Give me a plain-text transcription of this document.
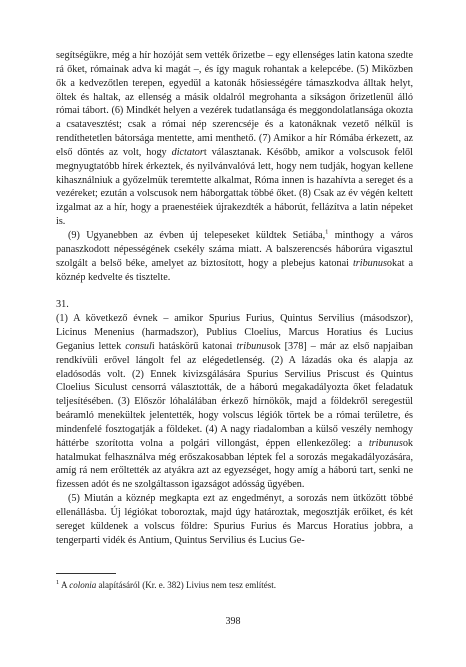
segítségükre, még a hír hozóját sem vették őrizetbe – egy ellenséges latin katona szedte rá őket, rómainak adva ki magát –, és így maguk rohantak a kelepcébe. (5) Miközben ők a kedvezőtlen terepen, egyedül a katonák hősiességére támaszkodva álltak helyt, öltek és haltak, az ellenség a másik oldalról megrohanta a síkságon őrizetlenül álló római tábort. (6) Mindkét helyen a vezérek tudatlansága és meggondolatlansága okozta a csatavesztést; csak a római nép szerencséje és a katonáknak vezető nélkül is rendíthetetlen bátorsága mentette, ami menthető. (7) Amikor a hír Rómába érkezett, az első döntés az volt, hogy dictatort választanak. Később, amikor a volscusok felől megnyugtatóbb hírek érkeztek, és nyilvánvalóvá lett, hogy nem tudják, hogyan kellene kihasználniuk a győzelmük teremtette alkalmat, Róma innen is hazahívta a sereget és a vezéreket; ezután a volscusok nem háborgattak többé őket. (8) Csak az év végén keltett izgalmat az a hír, hogy a praenestéiek újrakezdték a háborút, fellázítva a latin népeket is.

(9) Ugyanebben az évben új telepeseket küldtek Setiába,$^1$ minthogy a város panaszkodott népességének csekély száma miatt. A balszerencsés háborúra vigasztul szolgált a belső béke, amelyet az biztosított, hogy a plebejus katonai tribunusokat a köznép kedvelte és tisztelte.

31.

(1) A következő évnek – amikor Spurius Furius, Quintus Servilius (másodszor), Licinus Menenius (harmadszor), Publius Cloelius, Marcus Horatius és Lucius Geganius lettek consuli hatáskörű katonai tribunusok [378] – már az első napjaiban rendkívüli erővel lángolt fel az elégedetlenség. (2) A lázadás oka és alapja az eladósodás volt. (2) Ennek kivizsgálására Spurius Servilius Priscust és Quintus Cloelius Siculust censorrá választották, de a háború megakadályozta őket feladatuk teljesítésében. (3) Először lóhalálában érkező hírnökök, majd a földekről seregestül beáramló menekültek jelentették, hogy volscus légiók törtek be a római területre, és mindenfelé fosztogatják a földeket. (4) A nagy riadalomban a külső veszély nemhogy háttérbe szorította volna a polgári villongást, éppen ellenkezőleg: a tribunusok hatalmukat felhasználva még erőszakosabban léptek fel a sorozás megakadályozására, amíg rá nem erőltették az atyákra azt az egyezséget, hogy amíg a háború tart, senki ne fizessen adót és ne szolgáltasson igazságot adósság ügyében.

(5) Miután a köznép megkapta ezt az engedményt, a sorozás nem ütközött többé ellenállásba. Új légiókat toboroztak, majd úgy határoztak, megosztják erőiket, és két sereget küldenek a volscus földre: Spurius Furius és Marcus Horatius jobbra, a tengerparti vidék és Antium, Quintus Servilius és Lucius Ge-

$^1$ A colonia alapításáról (Kr. e. 382) Livius nem tesz említést.
398
